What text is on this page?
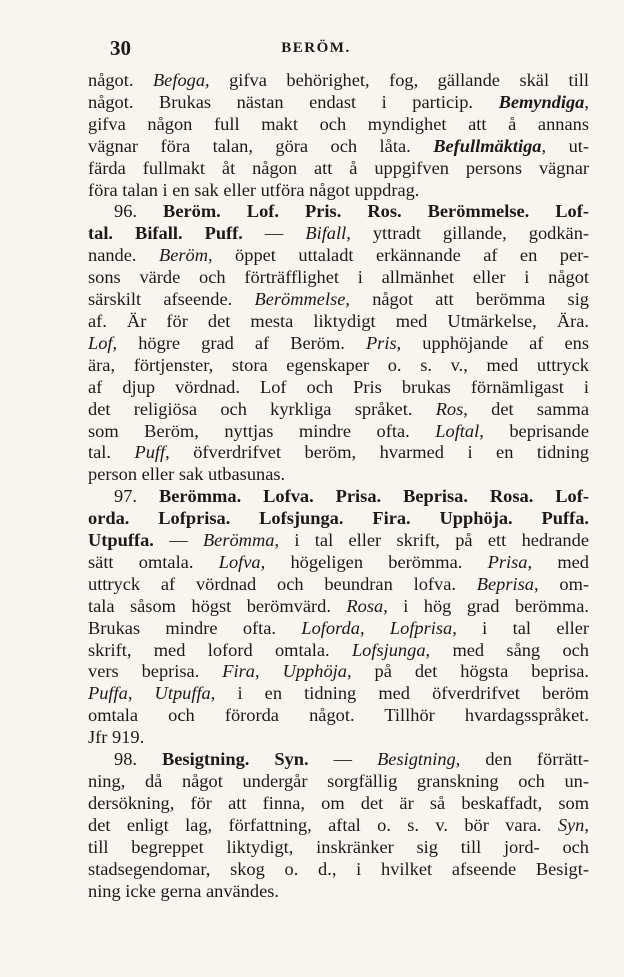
30	BERÖM.
något. Befoga, gifva behörighet, fog, gällande skäl till
något. Brukas nästan endast i particip. Bemyndiga,
gifva någon full makt och myndighet att å annans
vägnar föra talan, göra och låta. Befullmäktiga, ut-
färda fullmakt åt någon att å uppgifven persons vägnar
föra talan i en sak eller utföra något uppdrag.
96. Beröm. Lof. Pris. Ros. Berömmelse. Lof-
tal. Bifall. Puff. — Bifall, yttradt gillande, godkän-
nande. Beröm, öppet uttaladt erkännande af en per-
sons värde och förträfflighet i allmänhet eller i något
särskilt afseende. Berömmelse, något att berömma sig
af. Är för det mesta liktydigt med Utmärkelse, Ära.
Lof, högre grad af Beröm. Pris, upphöjande af ens
ära, förtjenster, stora egenskaper o. s. v., med uttryck
af djup vördnad. Lof och Pris brukas förnämligast i
det religiösa och kyrkliga språket. Ros, det samma
som Beröm, nyttjas mindre ofta. Loftal, beprisande
tal. Puff, öfverdrifvet beröm, hvarmed i en tidning
person eller sak utbasunas.
97. Berömma. Lofva. Prisa. Beprisa. Rosa. Lof-
orda. Lofprisa. Lofsjunga. Fira. Upphöja. Puffa.
Utpuffa. — Berömma, i tal eller skrift, på ett hedrande
sätt omtala. Lofva, högeligen berömma. Prisa, med
uttryck af vördnad och beundran lofva. Beprisa, om-
tala såsom högst berömvärd. Rosa, i hög grad berömma.
Brukas mindre ofta. Loforda, Lofprisa, i tal eller
skrift, med loford omtala. Lofsjunga, med sång och
vers beprisa. Fira, Upphöja, på det högsta beprisa.
Puffa, Utpuffa, i en tidning med öfverdrifvet beröm
omtala och förorda något. Tillhör hvardagsspråket.
Jfr 919.
98. Besigtning. Syn. — Besigtning, den förrätt-
ning, då något undergår sorgfällig granskning och un-
dersökning, för att finna, om det är så beskaffadt, som
det enligt lag, författning, aftal o. s. v. bör vara. Syn,
till begreppet liktydigt, inskränker sig till jord- och
stadsegendomar, skog o. d., i hvilket afseende Besigt-
ning icke gerna användes.
